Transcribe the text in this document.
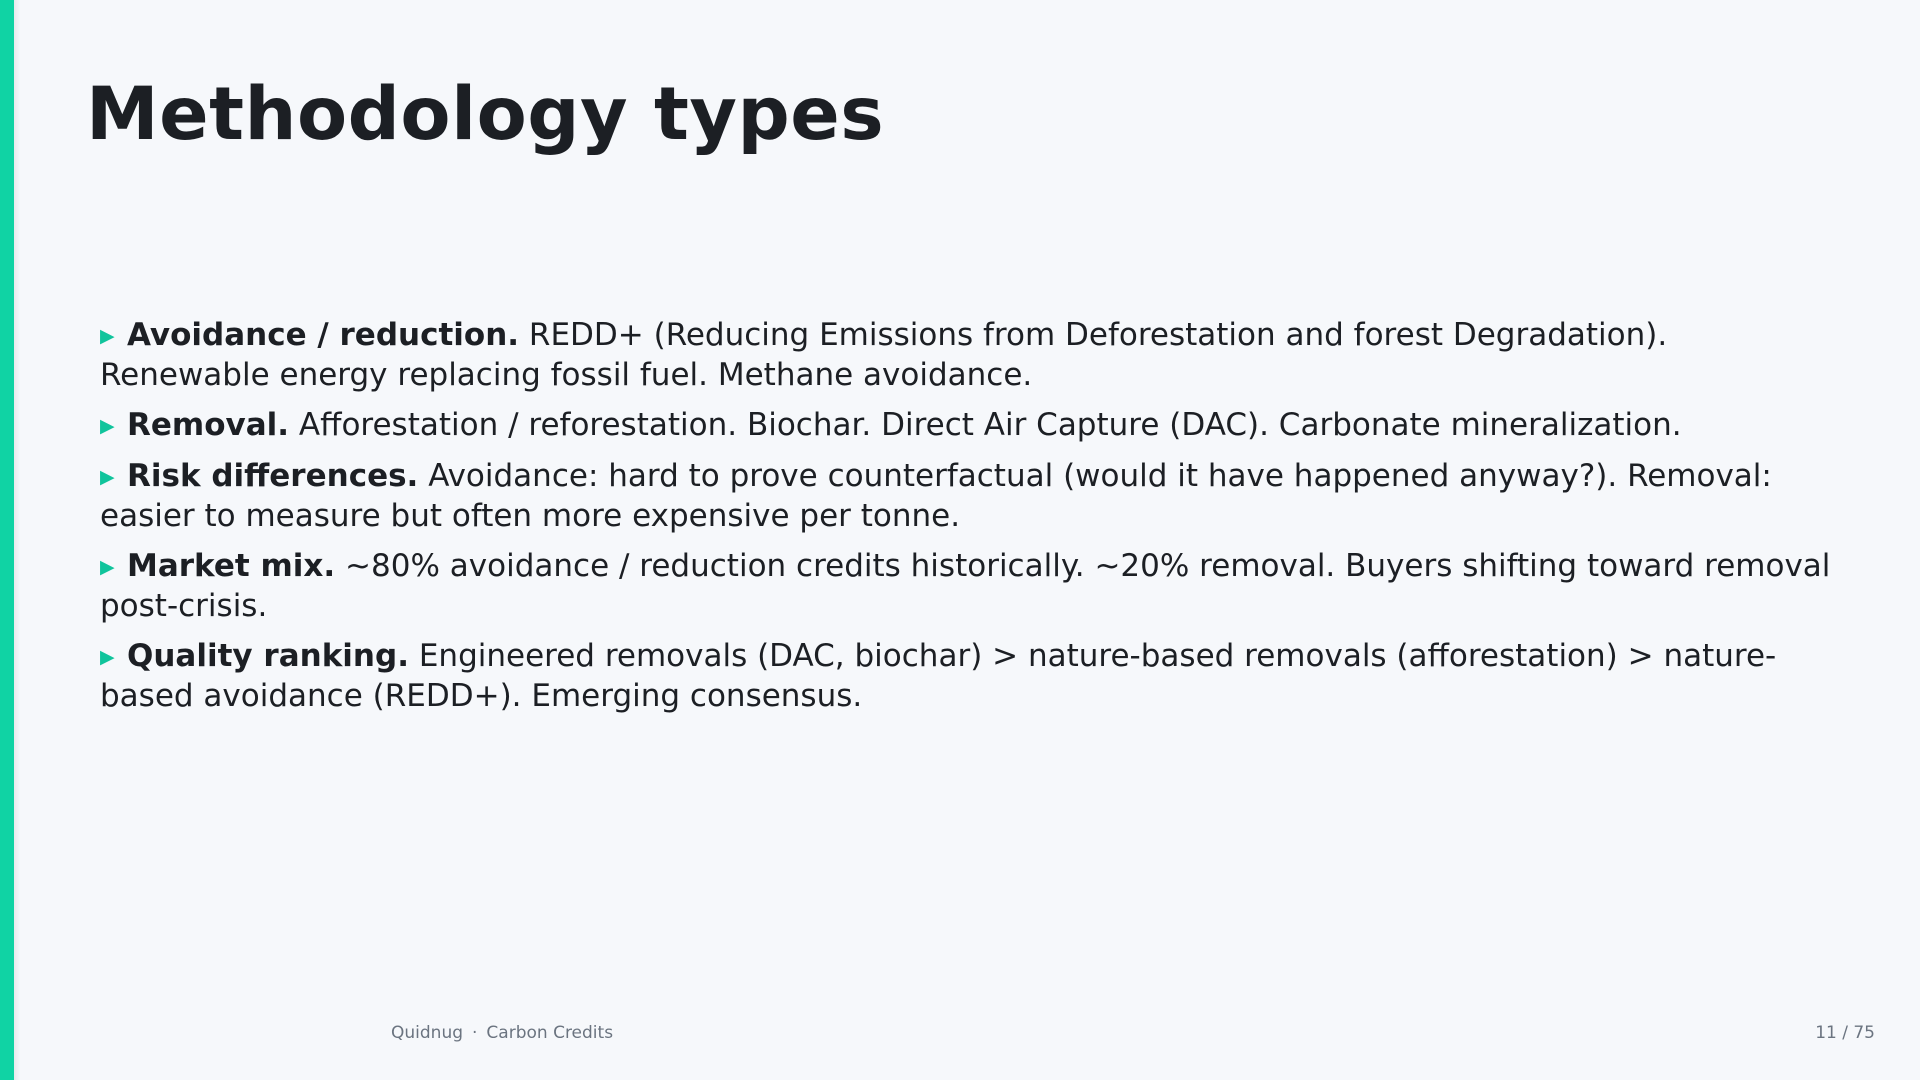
Methodology types
▶ Avoidance / reduction. REDD+ (Reducing Emissions from Deforestation and forest Degradation). Renewable energy replacing fossil fuel. Methane avoidance.
▶ Removal. Afforestation / reforestation. Biochar. Direct Air Capture (DAC). Carbonate mineralization.
▶ Risk differences. Avoidance: hard to prove counterfactual (would it have happened anyway?). Removal: easier to measure but often more expensive per tonne.
▶ Market mix. ~80% avoidance / reduction credits historically. ~20% removal. Buyers shifting toward removal post-crisis.
▶ Quality ranking. Engineered removals (DAC, biochar) > nature-based removals (afforestation) > nature-based avoidance (REDD+). Emerging consensus.
Quidnug · Carbon Credits	11 / 75
